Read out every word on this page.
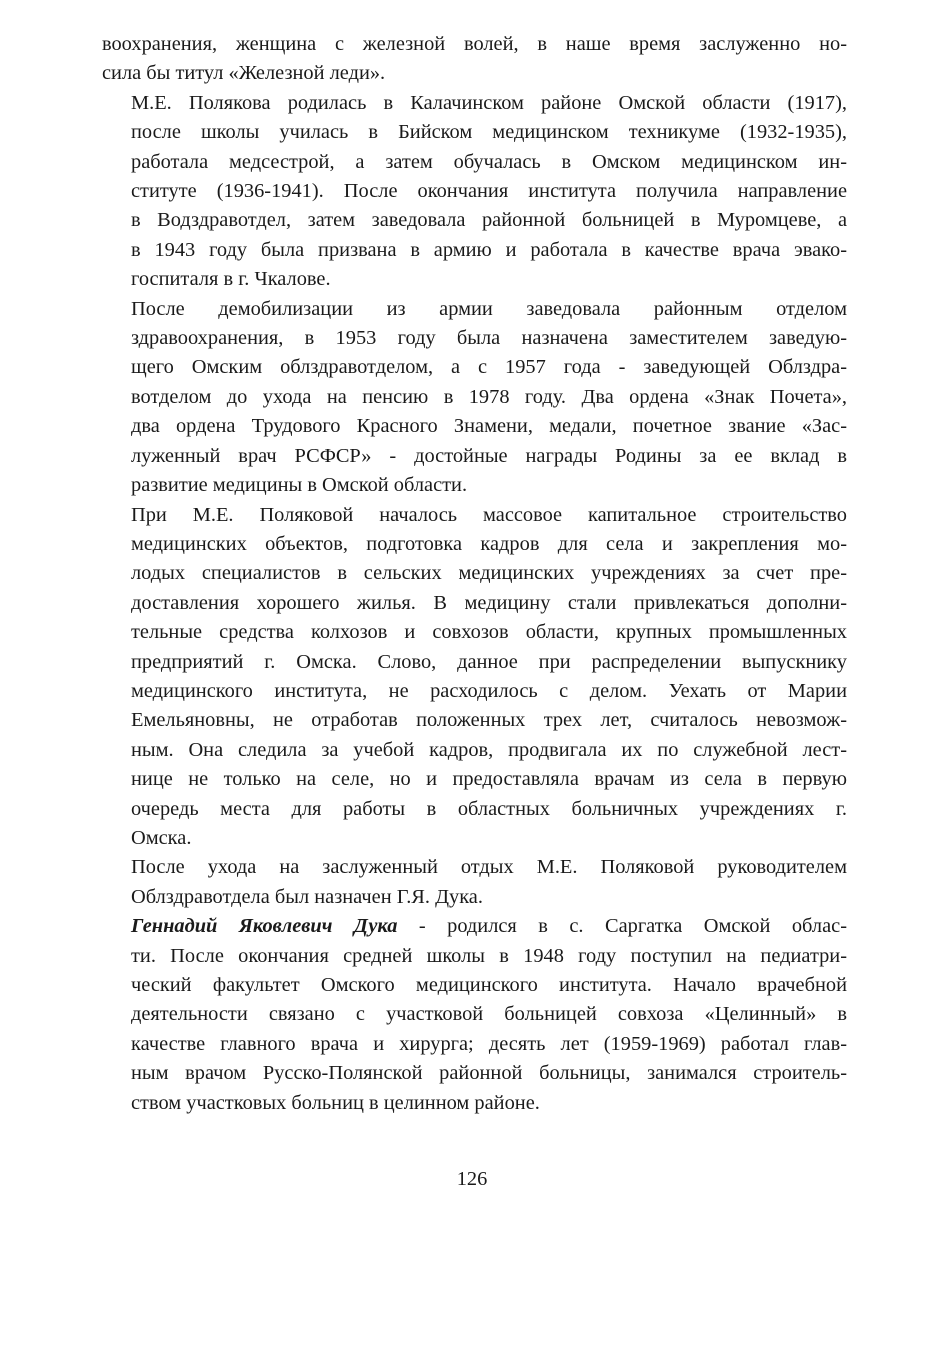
воохранения, женщина с железной волей, в наше время заслуженно но-
сила бы титул «Железной леди».

М.Е. Полякова родилась в Калачинском районе Омской области (1917),
после школы училась в Бийском медицинском техникуме (1932-1935),
работала медсестрой, а затем обучалась в Омском медицинском ин-
ституте (1936-1941). После окончания института получила направление
в Водздравотдел, затем заведовала районной больницей в Муромцеве, а
в 1943 году была призвана в армию и работала в качестве врача эвако-
госпиталя в г. Чкалове.

После демобилизации из армии заведовала районным отделом
здравоохранения, в 1953 году была назначена заместителем заведую-
щего Омским облздравотделом, а с 1957 года - заведующей Облздра-
вотделом до ухода на пенсию в 1978 году. Два ордена «Знак Почета»,
два ордена Трудового Красного Знамени, медали, почетное звание «Зас-
луженный врач РСФСР» - достойные награды Родины за ее вклад в
развитие медицины в Омской области.

При М.Е. Поляковой началось массовое капитальное строительство
медицинских объектов, подготовка кадров для села и закрепления мо-
лодых специалистов в сельских медицинских учреждениях за счет пре-
доставления хорошего жилья. В медицину стали привлекаться дополни-
тельные средства колхозов и совхозов области, крупных промышленных
предприятий г. Омска. Слово, данное при распределении выпускнику
медицинского института, не расходилось с делом. Уехать от Марии
Емельяновны, не отработав положенных трех лет, считалось невозмож-
ным. Она следила за учебой кадров, продвигала их по служебной лест-
нице не только на селе, но и предоставляла врачам из села в первую
очередь места для работы в областных больничных учреждениях г.
Омска.

После ухода на заслуженный отдых М.Е. Поляковой руководителем
Облздравотдела был назначен Г.Я. Дука.

Геннадий Яковлевич Дука - родился в с. Саргатка Омской облас-
ти. После окончания средней школы в 1948 году поступил на педиатри-
ческий факультет Омского медицинского института. Начало врачебной
деятельности связано с участковой больницей совхоза «Целинный» в
качестве главного врача и хирурга; десять лет (1959-1969) работал глав-
ным врачом Русско-Полянской районной больницы, занимался строитель-
ством участковых больниц в целинном районе.

126
